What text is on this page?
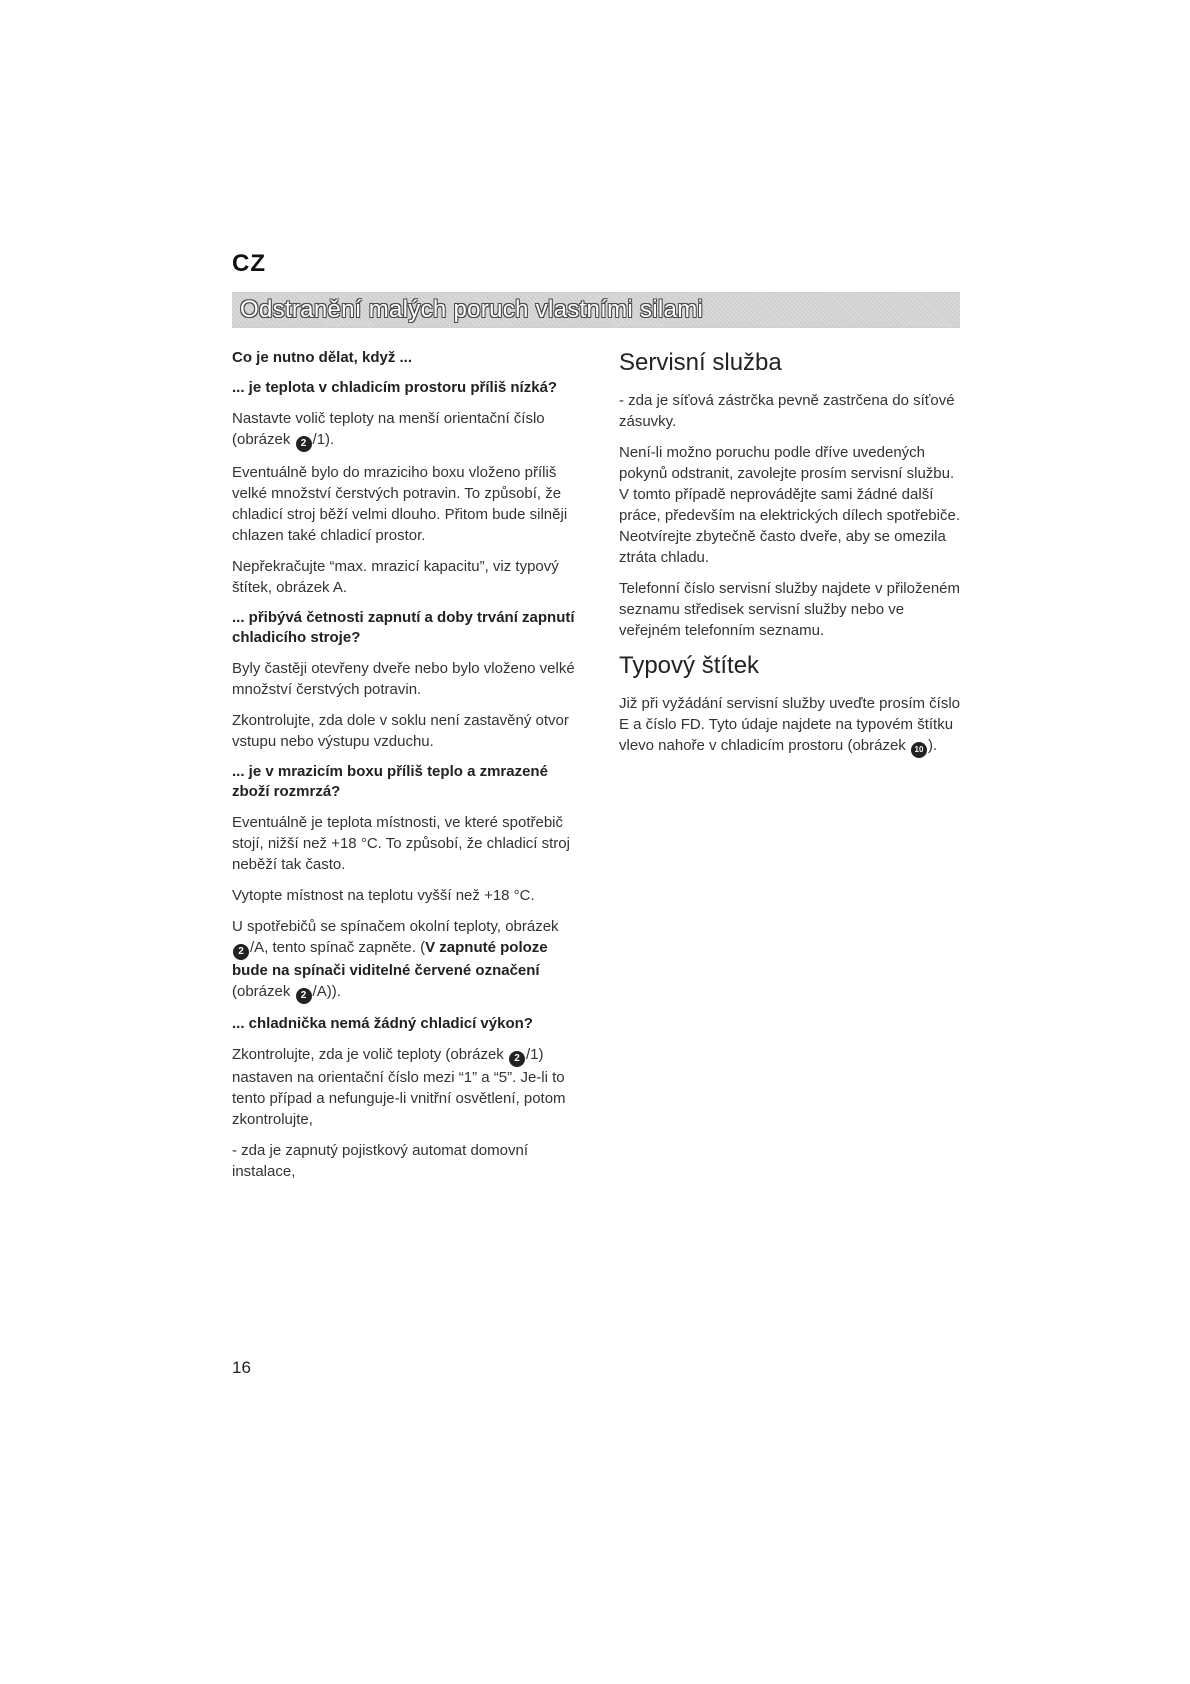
CZ
Odstranění malých poruch vlastními silami

Co je nutno dělat, když ...

... je teplota v chladicím prostoru příliš nízká?

Nastavte volič teploty na menší orientační číslo (obrázek 2 /1).

Eventuálně bylo do mraziciho boxu vloženo příliš velké množství čerstvých potravin. To způsobí, že chladicí stroj běží velmi dlouho. Přitom bude silněji chlazen také chladicí prostor.

Nepřekračujte “max. mrazicí kapacitu”, viz typový štítek, obrázek A.

... přibývá četnosti zapnutí a doby trvání zapnutí chladicího stroje?

Byly častěji otevřeny dveře nebo bylo vloženo velké množství čerstvých potravin.

Zkontrolujte, zda dole v soklu není zastavěný otvor vstupu nebo výstupu vzduchu.

... je v mrazicím boxu příliš teplo a zmrazené zboží rozmrzá?

Eventuálně je teplota místnosti, ve které spotřebič stojí, nižší než +18 °C. To způsobí, že chladicí stroj neběží tak často.

Vytopte místnost na teplotu vyšší než +18 °C.

U spotřebičů se spínačem okolní teploty, obrázek 2 /A, tento spínač zapněte. (V zapnuté poloze bude na spínači viditelné červené označení (obrázek 2 /A)).

... chladnička nemá žádný chladicí výkon?

Zkontrolujte, zda je volič teploty (obrázek 2 /1) nastaven na orientační číslo mezi “1” a “5”. Je-li to tento případ a nefunguje-li vnitřní osvětlení, potom zkontrolujte,

- zda je zapnutý pojistkový automat domovní instalace,

Servisní služba

- zda je síťová zástrčka pevně zastrčena do síťové zásuvky.

Není-li možno poruchu podle dříve uvedených pokynů odstranit, zavolejte prosím servisní službu. V tomto případě neprovádějte sami žádné další práce, především na elektrických dílech spotřebiče. Neotvírejte zbytečně často dveře, aby se omezila ztráta chladu.

Telefonní číslo servisní služby najdete v přiloženém seznamu středisek servisní služby nebo ve veřejném telefonním seznamu.

Typový štítek

Již při vyžádání servisní služby uveďte prosím číslo E a číslo FD. Tyto údaje najdete na typovém štítku vlevo nahoře v chladicím prostoru (obrázek 10 ).

16
